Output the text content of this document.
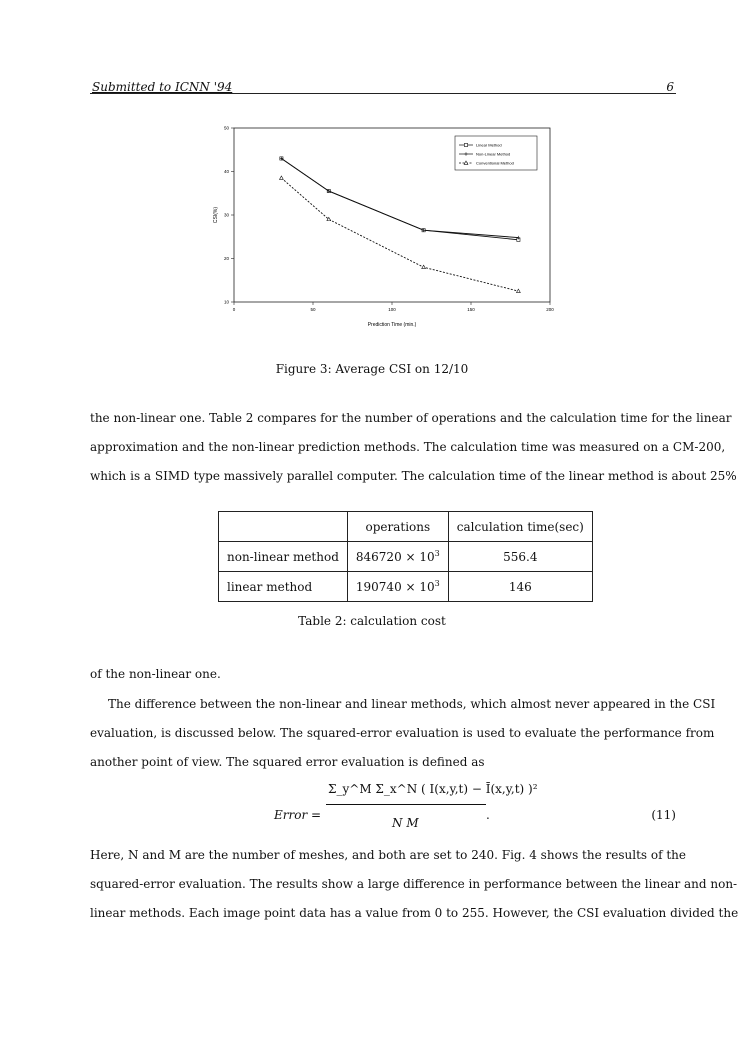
Submitted to ICNN '94	6
0	50	100	150	200
10
20
30
40
50
Prediction Time (min.)
CSI(%)
Linear Method
Non-Linear Method
Conventional Method
Figure 3: Average CSI on 12/10
the non-linear one. Table 2 compares for the number of operations and the calculation time for the linear
approximation and the non-linear prediction methods. The calculation time was measured on a CM-200,
which is a SIMD type massively parallel computer. The calculation time of the linear method is about 25%
	operations	calculation time(sec)
non-linear method	$846720 \times 10^3$	556.4
linear method	$190740 \times 10^3$	146
Table 2: calculation cost
of the non-linear one.
The difference between the non-linear and linear methods, which almost never appeared in the CSI
evaluation, is discussed below. The squared-error evaluation is used to evaluate the performance from
another point of view. The squared error evaluation is defined as
Error =
Σ_y^M Σ_x^N ( I(x,y,t) − Ī(x,y,t) )²
N M
.	(11)
Here, N and M are the number of meshes, and both are set to 240. Fig. 4 shows the results of the
squared-error evaluation. The results show a large difference in performance between the linear and non-
linear methods. Each image point data has a value from 0 to 255. However, the CSI evaluation divided the
